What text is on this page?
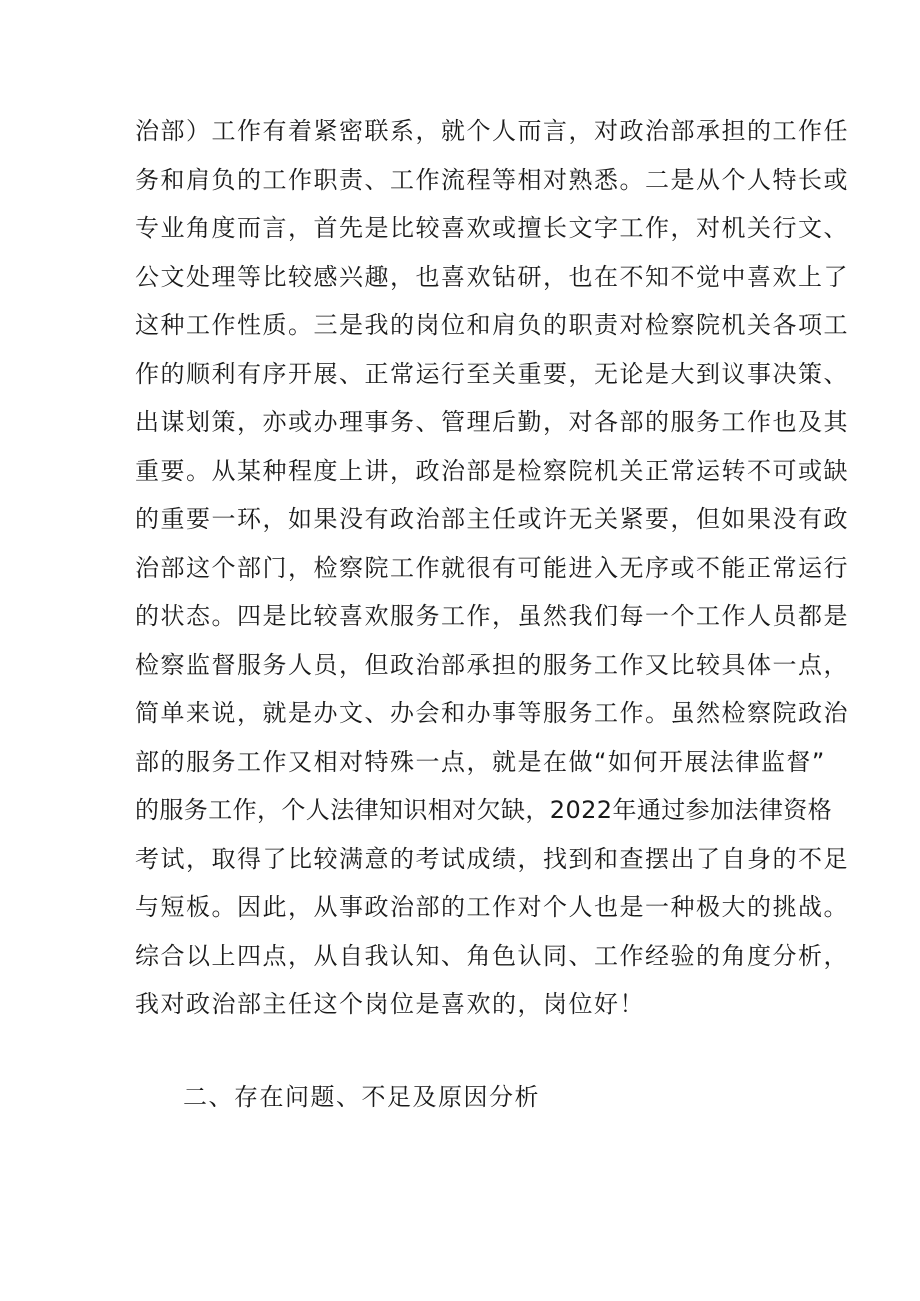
治部）工作有着紧密联系，就个人而言，对政治部承担的工作任
务和肩负的工作职责、工作流程等相对熟悉。二是从个人特长或
专业角度而言，首先是比较喜欢或擅长文字工作，对机关行文、
公文处理等比较感兴趣，也喜欢钻研，也在不知不觉中喜欢上了
这种工作性质。三是我的岗位和肩负的职责对检察院机关各项工
作的顺利有序开展、正常运行至关重要，无论是大到议事决策、
出谋划策，亦或办理事务、管理后勤，对各部的服务工作也及其
重要。从某种程度上讲，政治部是检察院机关正常运转不可或缺
的重要一环，如果没有政治部主任或许无关紧要，但如果没有政
治部这个部门，检察院工作就很有可能进入无序或不能正常运行
的状态。四是比较喜欢服务工作，虽然我们每一个工作人员都是
检察监督服务人员，但政治部承担的服务工作又比较具体一点，
简单来说，就是办文、办会和办事等服务工作。虽然检察院政治
部的服务工作又相对特殊一点，就是在做“如何开展法律监督”
的服务工作，个人法律知识相对欠缺，2022年通过参加法律资格
考试，取得了比较满意的考试成绩，找到和查摆出了自身的不足
与短板。因此，从事政治部的工作对个人也是一种极大的挑战。
综合以上四点，从自我认知、角色认同、工作经验的角度分析，
我对政治部主任这个岗位是喜欢的，岗位好！
二、存在问题、不足及原因分析
